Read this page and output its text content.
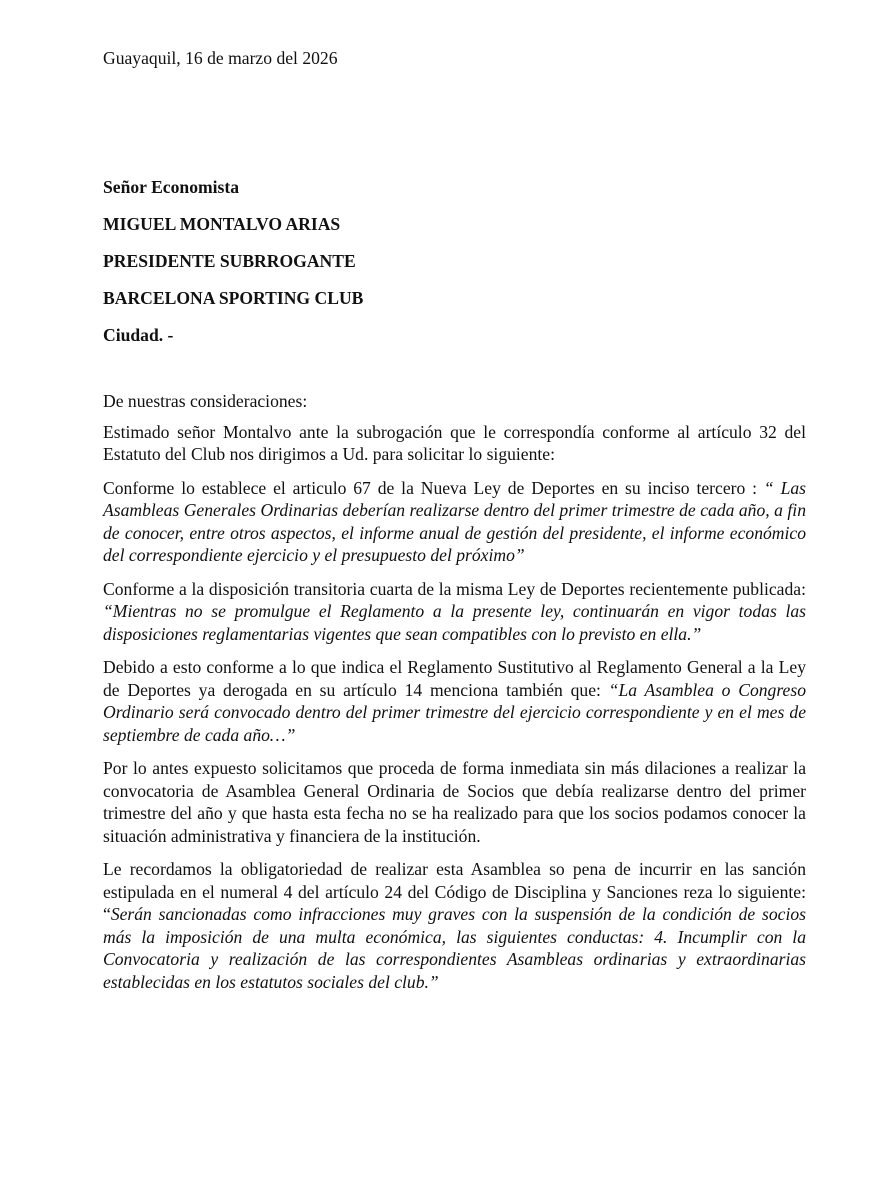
Guayaquil, 16 de marzo del 2026

Señor Economista

MIGUEL MONTALVO ARIAS

PRESIDENTE SUBRROGANTE

BARCELONA SPORTING CLUB

Ciudad. -

De nuestras consideraciones:

Estimado señor Montalvo ante la subrogación que le correspondía conforme al artículo 32 del Estatuto del Club nos dirigimos a Ud. para solicitar lo siguiente:

Conforme lo establece el articulo 67 de la Nueva Ley de Deportes en su inciso tercero : “ Las Asambleas Generales Ordinarias deberían realizarse dentro del primer trimestre de cada año, a fin de conocer, entre otros aspectos, el informe anual de gestión del presidente, el informe económico del correspondiente ejercicio y el presupuesto del próximo”

Conforme a la disposición transitoria cuarta de la misma Ley de Deportes recientemente publicada: “Mientras no se promulgue el Reglamento a la presente ley, continuarán en vigor todas las disposiciones reglamentarias vigentes que sean compatibles con lo previsto en ella.”

Debido a esto conforme a lo que indica el Reglamento Sustitutivo al Reglamento General a la Ley de Deportes ya derogada en su artículo 14 menciona también que: “La Asamblea o Congreso Ordinario será convocado dentro del primer trimestre del ejercicio correspondiente y en el mes de septiembre de cada año…”

Por lo antes expuesto solicitamos que proceda de forma inmediata sin más dilaciones a realizar la convocatoria de Asamblea General Ordinaria de Socios que debía realizarse dentro del primer trimestre del año y que hasta esta fecha no se ha realizado para que los socios podamos conocer la situación administrativa y financiera de la institución.

Le recordamos la obligatoriedad de realizar esta Asamblea so pena de incurrir en las sanción estipulada en el numeral 4 del artículo 24 del Código de Disciplina y Sanciones reza lo siguiente: “Serán sancionadas como infracciones muy graves con la suspensión de la condición de socios más la imposición de una multa económica, las siguientes conductas: 4. Incumplir con la Convocatoria y realización de las correspondientes Asambleas ordinarias y extraordinarias establecidas en los estatutos sociales del club.”
